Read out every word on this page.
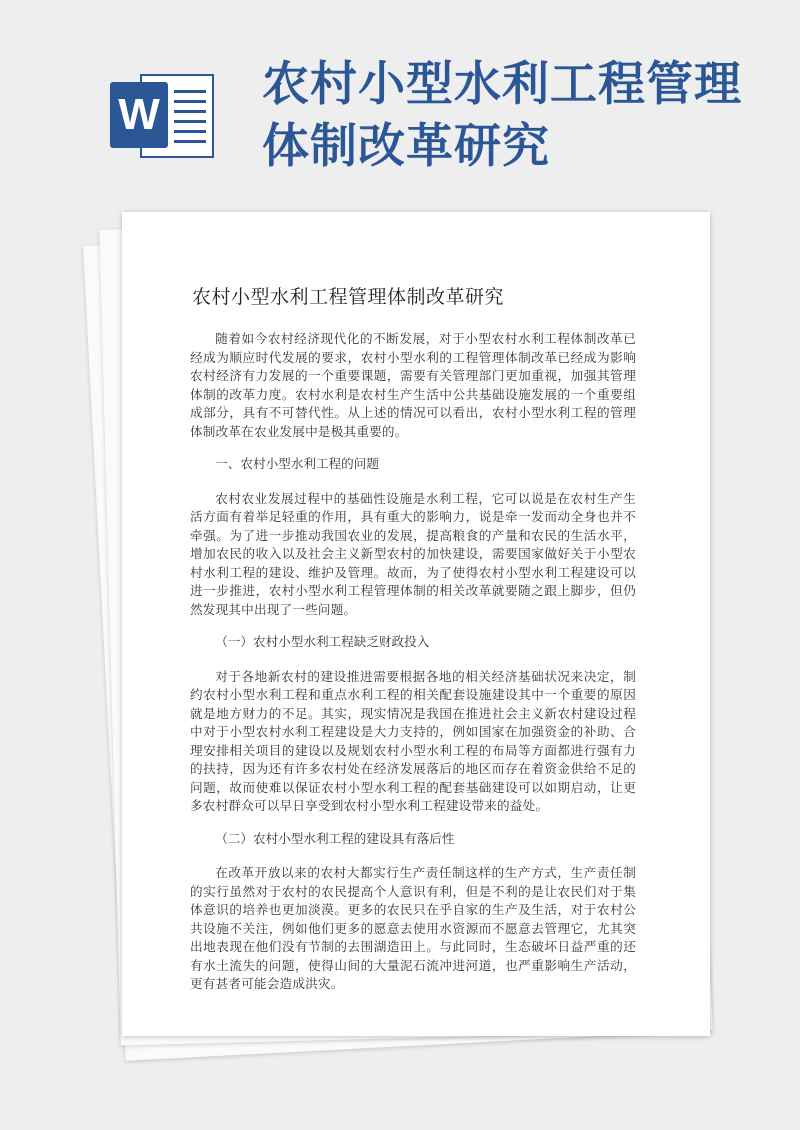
W
农村小型水利工程管理体制改革研究
农村小型水利工程管理体制改革研究

随着如今农村经济现代化的不断发展，对于小型农村水利工程体制改革已经成为顺应时代发展的要求，农村小型水利的工程管理体制改革已经成为影响农村经济有力发展的一个重要课题，需要有关管理部门更加重视，加强其管理体制的改革力度。农村水利是农村生产生活中公共基础设施发展的一个重要组成部分，具有不可替代性。从上述的情况可以看出，农村小型水利工程的管理体制改革在农业发展中是极其重要的。

一、农村小型水利工程的问题

农村农业发展过程中的基础性设施是水利工程，它可以说是在农村生产生活方面有着举足轻重的作用，具有重大的影响力，说是牵一发而动全身也并不牵强。为了进一步推动我国农业的发展，提高粮食的产量和农民的生活水平，增加农民的收入以及社会主义新型农村的加快建设，需要国家做好关于小型农村水利工程的建设、维护及管理。故而，为了使得农村小型水利工程建设可以进一步推进，农村小型水利工程管理体制的相关改革就要随之跟上脚步，但仍然发现其中出现了一些问题。

（一）农村小型水利工程缺乏财政投入

对于各地新农村的建设推进需要根据各地的相关经济基础状况来决定，制约农村小型水利工程和重点水利工程的相关配套设施建设其中一个重要的原因就是地方财力的不足。其实，现实情况是我国在推进社会主义新农村建设过程中对于小型农村水利工程建设是大力支持的，例如国家在加强资金的补助、合理安排相关项目的建设以及规划农村小型水利工程的布局等方面都进行强有力的扶持，因为还有许多农村处在经济发展落后的地区而存在着资金供给不足的问题，故而使难以保证农村小型水利工程的配套基础建设可以如期启动，让更多农村群众可以早日享受到农村小型水利工程建设带来的益处。

（二）农村小型水利工程的建设具有落后性

在改革开放以来的农村大都实行生产责任制这样的生产方式，生产责任制的实行虽然对于农村的农民提高个人意识有利，但是不利的是让农民们对于集体意识的培养也更加淡漠。更多的农民只在乎自家的生产及生活，对于农村公共设施不关注，例如他们更多的愿意去使用水资源而不愿意去管理它，尤其突出地表现在他们没有节制的去围湖造田上。与此同时，生态破坏日益严重的还有水土流失的问题，使得山间的大量泥石流冲进河道，也严重影响生产活动，更有甚者可能会造成洪灾。
